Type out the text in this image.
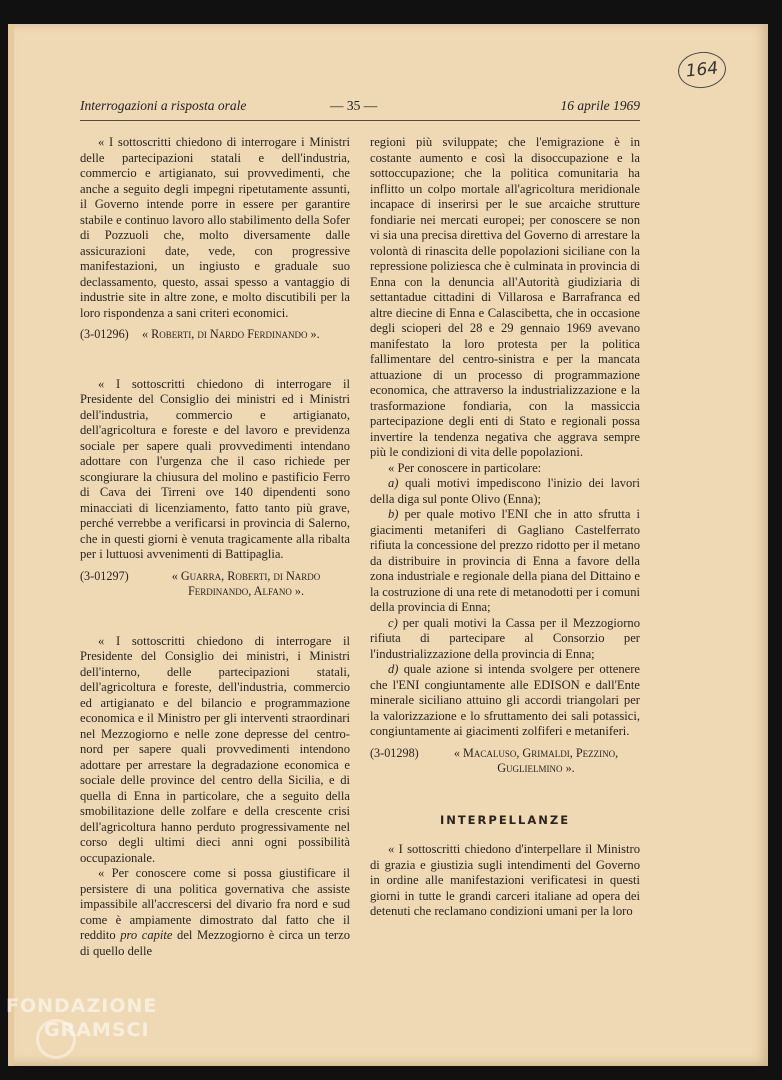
164
Interrogazioni a risposta orale	— 35 —	16 aprile 1969

« I sottoscritti chiedono di interrogare i Ministri delle partecipazioni statali e dell'industria, commercio e artigianato, sui provvedimenti, che anche a seguito degli impegni ripetutamente assunti, il Governo intende porre in essere per garantire stabile e continuo lavoro allo stabilimento della Sofer di Pozzuoli che, molto diversamente dalle assicurazioni date, vede, con progressive manifestazioni, un ingiusto e graduale suo declassamento, questo, assai spesso a vantaggio di industrie site in altre zone, e molto discutibili per la loro rispondenza a sani criteri economici.

(3-01296)	« Roberti, di Nardo Ferdinando ».

« I sottoscritti chiedono di interrogare il Presidente del Consiglio dei ministri ed i Ministri dell'industria, commercio e artigianato, dell'agricoltura e foreste e del lavoro e previdenza sociale per sapere quali provvedimenti intendano adottare con l'urgenza che il caso richiede per scongiurare la chiusura del molino e pastificio Ferro di Cava dei Tirreni ove 140 dipendenti sono minacciati di licenziamento, fatto tanto più grave, perché verrebbe a verificarsi in provincia di Salerno, che in questi giorni è venuta tragicamente alla ribalta per i luttuosi avvenimenti di Battipaglia.

(3-01297)	« Guarra, Roberti, di Nardo Ferdinando, Alfano ».

« I sottoscritti chiedono di interrogare il Presidente del Consiglio dei ministri, i Ministri dell'interno, delle partecipazioni statali, dell'agricoltura e foreste, dell'industria, commercio ed artigianato e del bilancio e programmazione economica e il Ministro per gli interventi straordinari nel Mezzogiorno e nelle zone depresse del centro-nord per sapere quali provvedimenti intendono adottare per arrestare la degradazione economica e sociale delle province del centro della Sicilia, e di quella di Enna in particolare, che a seguito della smobilitazione delle zolfare e della crescente crisi dell'agricoltura hanno perduto progressivamente nel corso degli ultimi dieci anni ogni possibilità occupazionale.

« Per conoscere come si possa giustificare il persistere di una politica governativa che assiste impassibile all'accrescersi del divario fra nord e sud come è ampiamente dimostrato dal fatto che il reddito pro capite del Mezzogiorno è circa un terzo di quello delle

regioni più sviluppate; che l'emigrazione è in costante aumento e così la disoccupazione e la sottoccupazione; che la politica comunitaria ha inflitto un colpo mortale all'agricoltura meridionale incapace di inserirsi per le sue arcaiche strutture fondiarie nei mercati europei; per conoscere se non vi sia una precisa direttiva del Governo di arrestare la volontà di rinascita delle popolazioni siciliane con la repressione poliziesca che è culminata in provincia di Enna con la denuncia all'Autorità giudiziaria di settantadue cittadini di Villarosa e Barrafranca ed altre diecine di Enna e Calascibetta, che in occasione degli scioperi del 28 e 29 gennaio 1969 avevano manifestato la loro protesta per la politica fallimentare del centro-sinistra e per la mancata attuazione di un processo di programmazione economica, che attraverso la industrializzazione e la trasformazione fondiaria, con la massiccia partecipazione degli enti di Stato e regionali possa invertire la tendenza negativa che aggrava sempre più le condizioni di vita delle popolazioni.

« Per conoscere in particolare:

a) quali motivi impediscono l'inizio dei lavori della diga sul ponte Olivo (Enna);

b) per quale motivo l'ENI che in atto sfrutta i giacimenti metaniferi di Gagliano Castelferrato rifiuta la concessione del prezzo ridotto per il metano da distribuire in provincia di Enna a favore della zona industriale e regionale della piana del Dittaino e la costruzione di una rete di metanodotti per i comuni della provincia di Enna;

c) per quali motivi la Cassa per il Mezzogiorno rifiuta di partecipare al Consorzio per l'industrializzazione della provincia di Enna;

d) quale azione si intenda svolgere per ottenere che l'ENI congiuntamente alle EDISON e dall'Ente minerale siciliano attuino gli accordi triangolari per la valorizzazione e lo sfruttamento dei sali potassici, congiuntamente ai giacimenti zolfiferi e metaniferi.

(3-01298)	« Macaluso, Grimaldi, Pezzino, Guglielmino ».
INTERPELLANZE

« I sottoscritti chiedono d'interpellare il Ministro di grazia e giustizia sugli intendimenti del Governo in ordine alle manifestazioni verificatesi in questi giorni in tutte le grandi carceri italiane ad opera dei detenuti che reclamano condizioni umani per la loro

FONDAZIONE
GRAMSCI
